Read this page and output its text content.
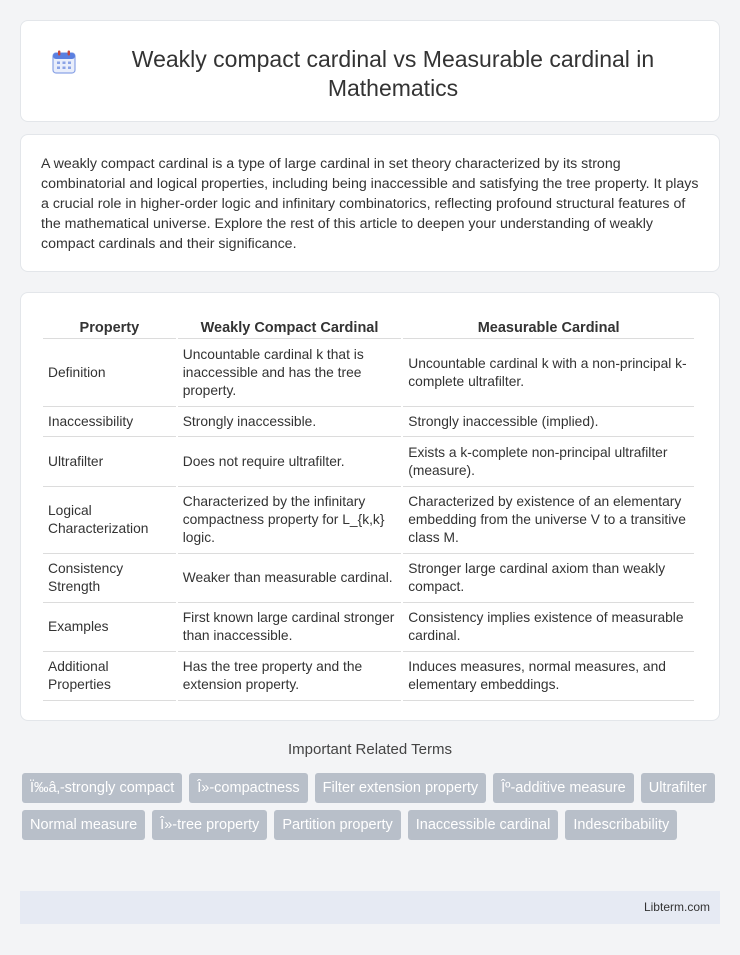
Weakly compact cardinal vs Measurable cardinal in Mathematics

A weakly compact cardinal is a type of large cardinal in set theory characterized by its strong combinatorial and logical properties, including being inaccessible and satisfying the tree property. It plays a crucial role in higher-order logic and infinitary combinatorics, reflecting profound structural features of the mathematical universe. Explore the rest of this article to deepen your understanding of weakly compact cardinals and their significance.

Property	Weakly Compact Cardinal	Measurable Cardinal
Definition	Uncountable cardinal k that is inaccessible and has the tree property.	Uncountable cardinal k with a non-principal k-complete ultrafilter.
Inaccessibility	Strongly inaccessible.	Strongly inaccessible (implied).
Ultrafilter	Does not require ultrafilter.	Exists a k-complete non-principal ultrafilter (measure).
Logical Characterization	Characterized by the infinitary compactness property for L_{k,k} logic.	Characterized by existence of an elementary embedding from the universe V to a transitive class M.
Consistency Strength	Weaker than measurable cardinal.	Stronger large cardinal axiom than weakly compact.
Examples	First known large cardinal stronger than inaccessible.	Consistency implies existence of measurable cardinal.
Additional Properties	Has the tree property and the extension property.	Induces measures, normal measures, and elementary embeddings.
Important Related Terms
Ï‰â‚-strongly compact	Î»-compactness	Filter extension property	Îº-additive measure	Ultrafilter
Normal measure	Î»-tree property	Partition property	Inaccessible cardinal	Indescribability
Libterm.com
